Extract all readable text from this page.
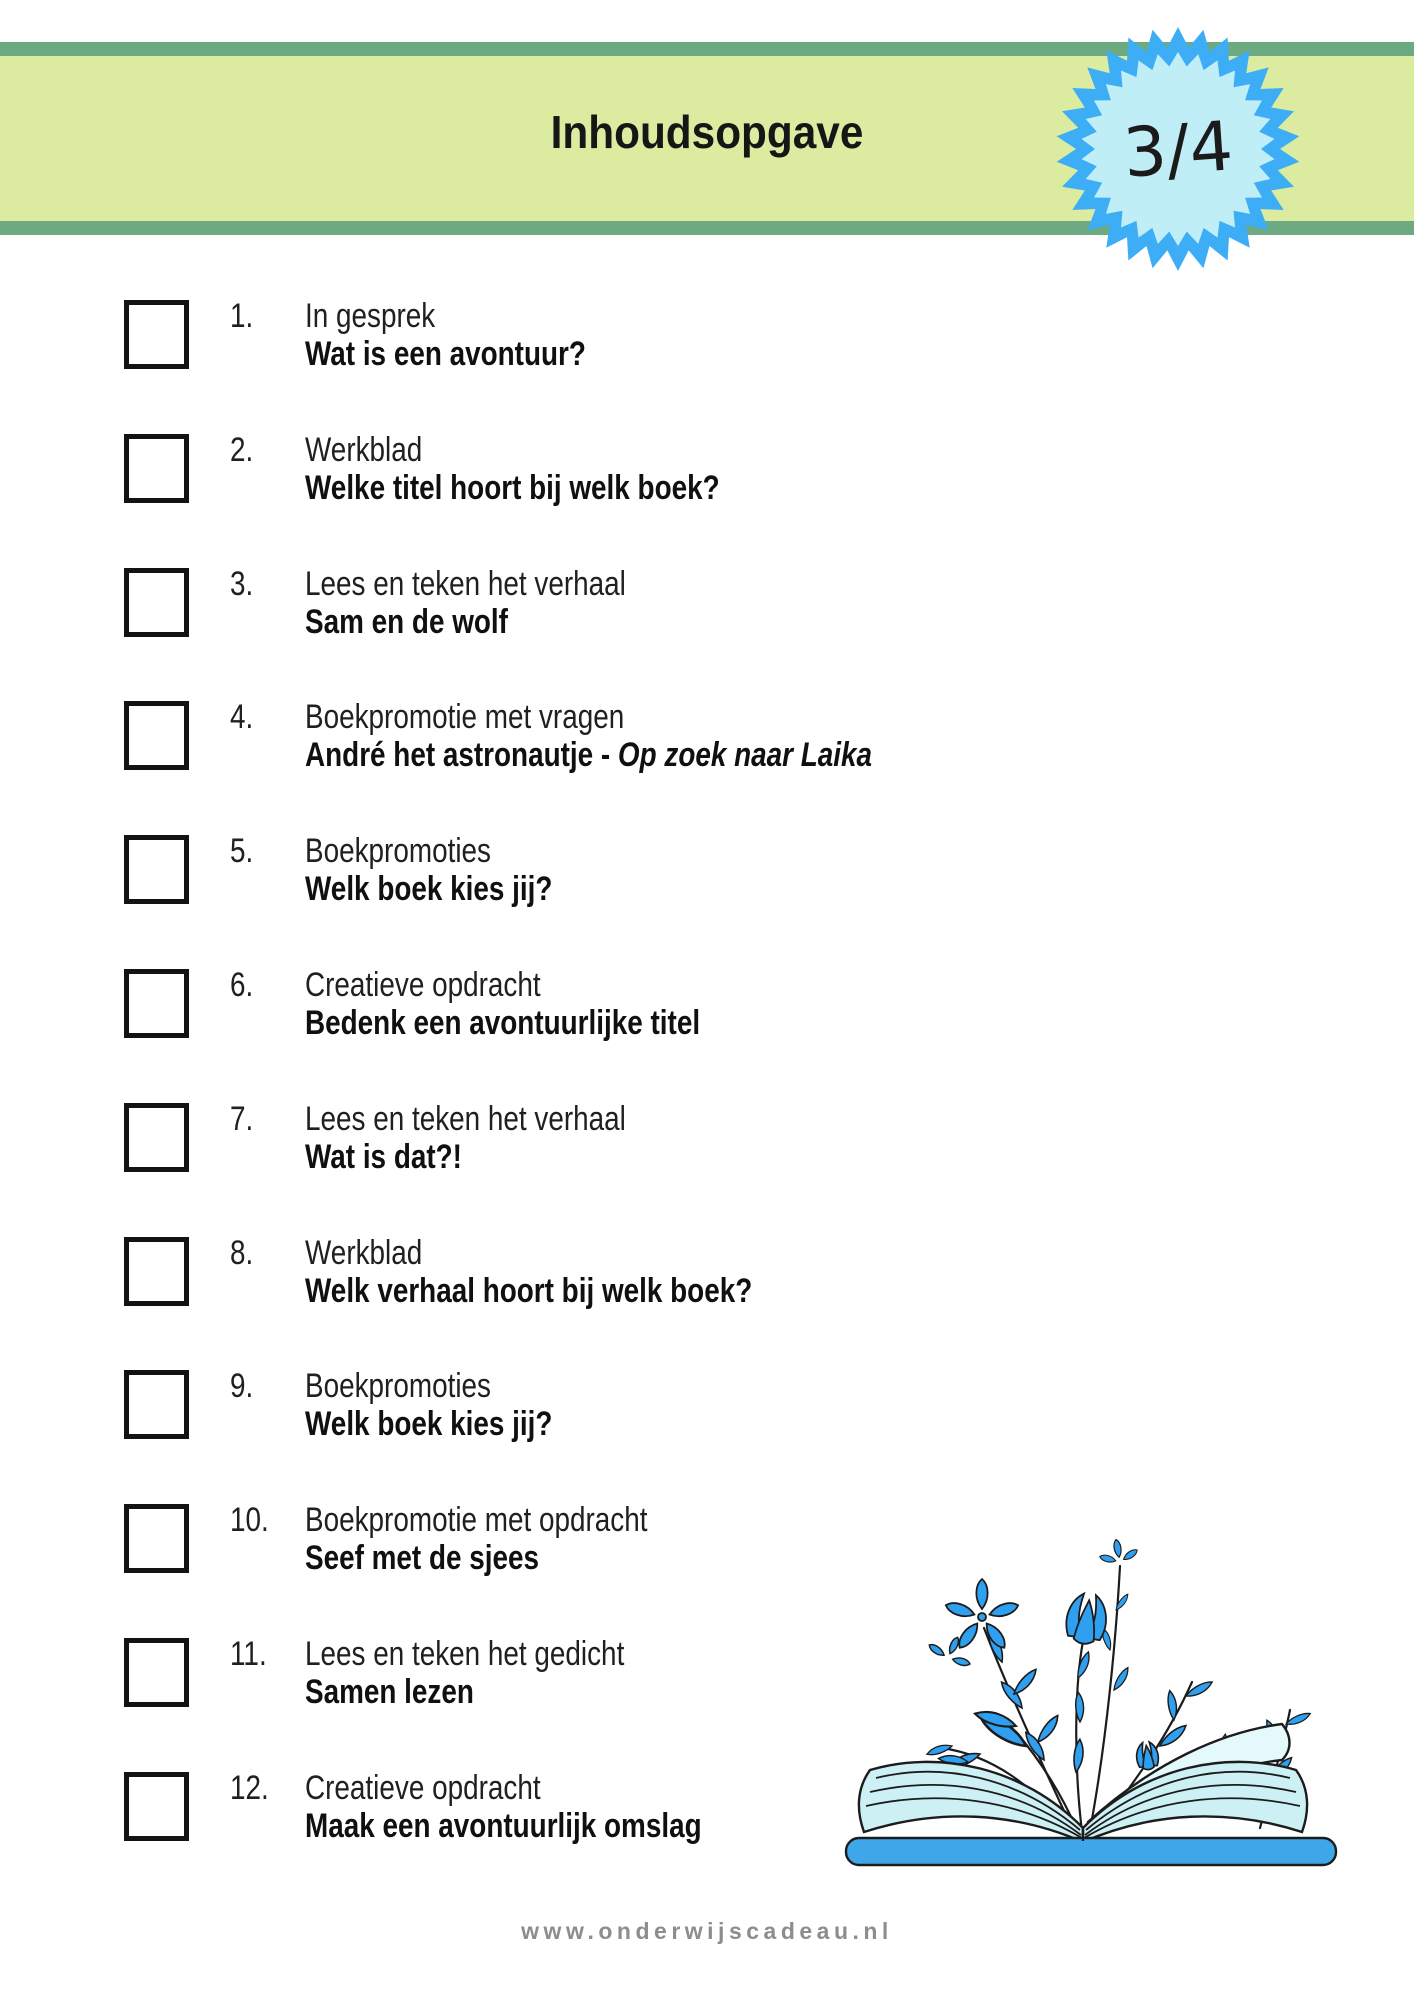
Inhoudsopgave	3/4
1. In gesprek
Wat is een avontuur?
2. Werkblad
Welke titel hoort bij welk boek?
3. Lees en teken het verhaal
Sam en de wolf
4. Boekpromotie met vragen
André het astronautje - Op zoek naar Laika
5. Boekpromoties
Welk boek kies jij?
6. Creatieve opdracht
Bedenk een avontuurlijke titel
7. Lees en teken het verhaal
Wat is dat?!
8. Werkblad
Welk verhaal hoort bij welk boek?
9. Boekpromoties
Welk boek kies jij?
10. Boekpromotie met opdracht
Seef met de sjees
11. Lees en teken het gedicht
Samen lezen
12. Creatieve opdracht
Maak een avontuurlijk omslag
www.onderwijscadeau.nl
